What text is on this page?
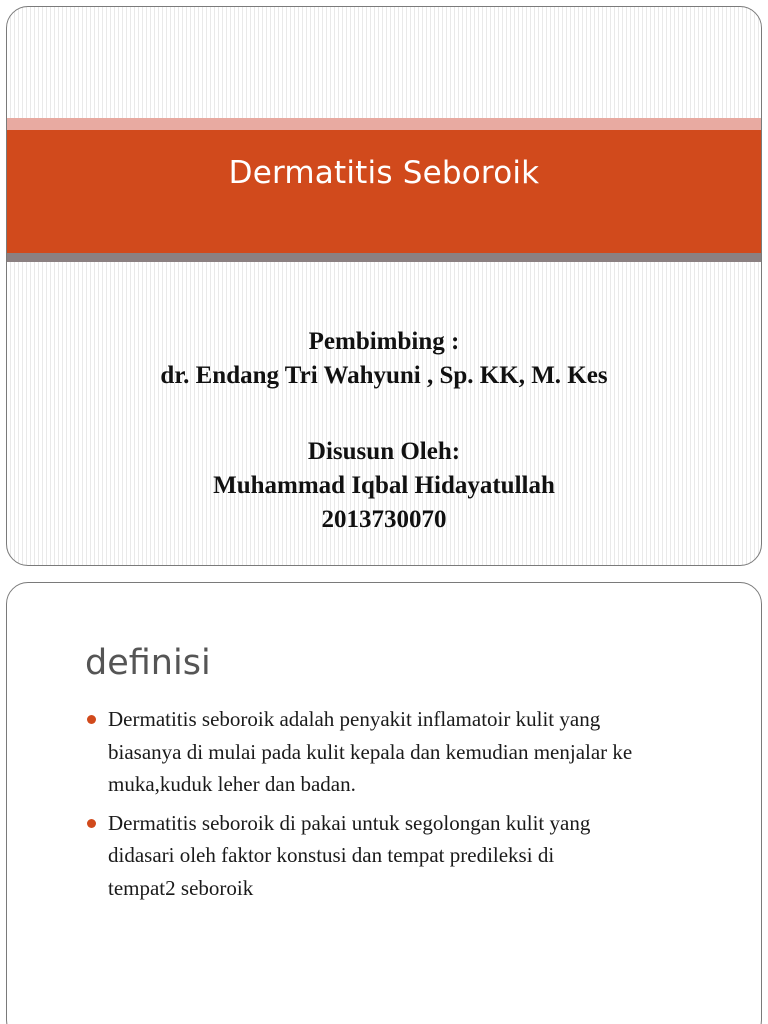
Dermatitis Seboroik
Pembimbing :
dr. Endang Tri Wahyuni , Sp. KK, M. Kes
Disusun Oleh:
Muhammad Iqbal Hidayatullah
2013730070
definisi
Dermatitis seboroik adalah penyakit inflamatoir kulit yang
biasanya di mulai pada kulit kepala dan kemudian menjalar ke
muka,kuduk leher dan badan.
Dermatitis seboroik di pakai untuk segolongan kulit yang
didasari oleh faktor konstusi dan tempat predileksi di
tempat2 seboroik
